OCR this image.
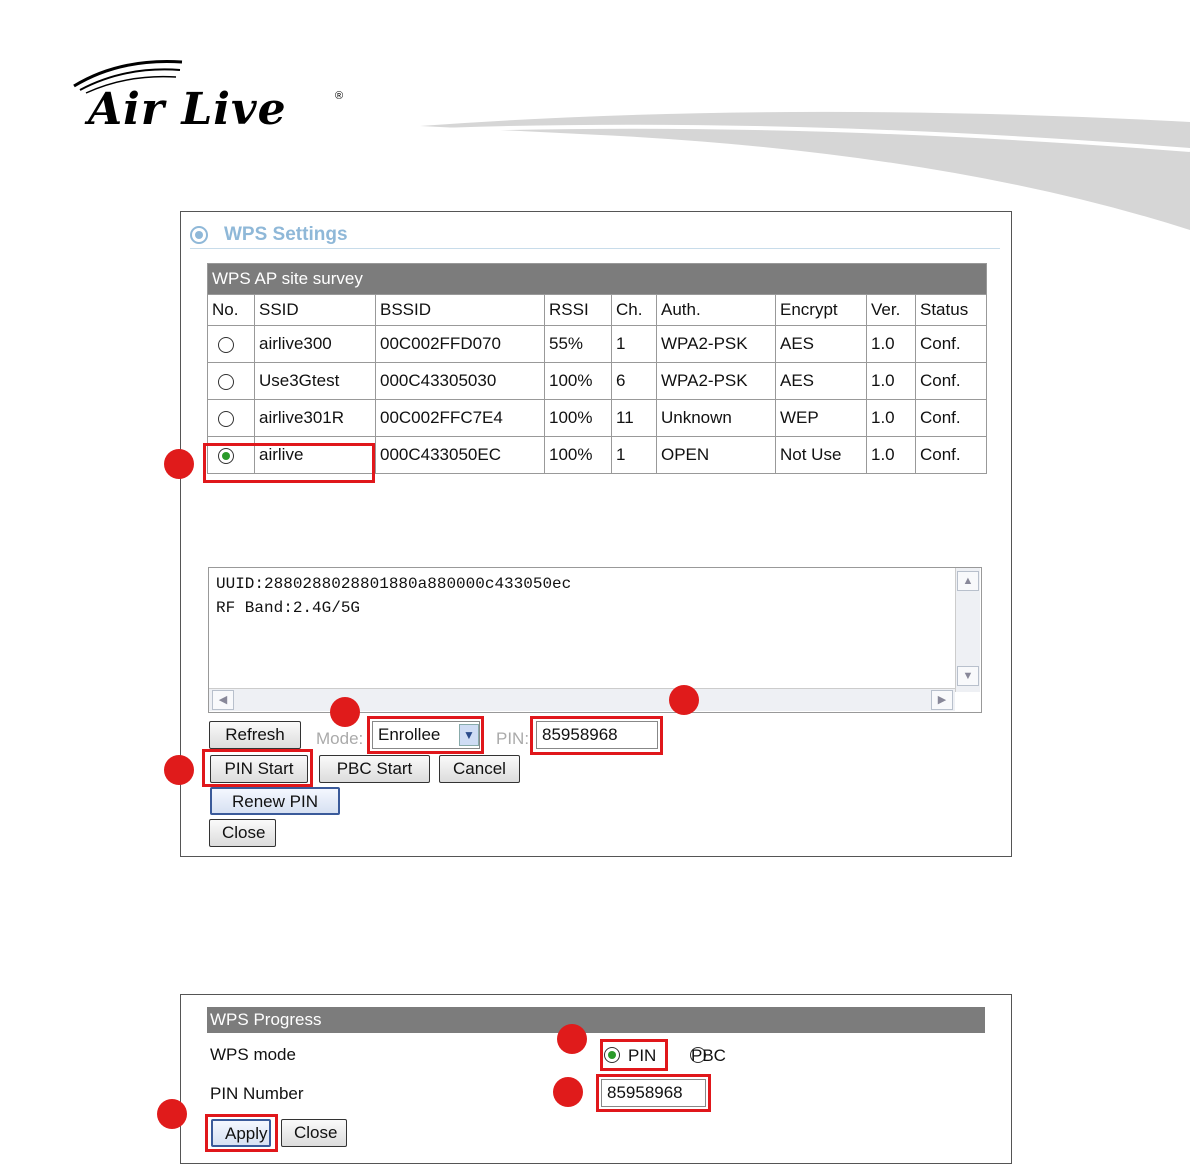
Air Live	®
WPS Settings
WPS AP site survey								
No.	SSID	BSSID	RSSI	Ch.	Auth.	Encrypt	Ver.	Status
	airlive300	00C002FFD070	55%	1	WPA2-PSK	AES	1.0	Conf.
	Use3Gtest	000C43305030	100%	6	WPA2-PSK	AES	1.0	Conf.
	airlive301R	00C002FFC7E4	100%	11	Unknown	WEP	1.0	Conf.
	airlive	000C433050EC	100%	1	OPEN	Not Use	1.0	Conf.
UUID:2880288028801880a880000c433050ec
RF Band:2.4G/5G
▲
▼
◀	▶
Refresh	Mode: Enrollee	▼ PIN: 85958968
PIN Start	PBC Start	Cancel
Renew PIN
Close
WPS Progress
WPS mode
	PIN PBC
PIN Number	85958968
Apply	Close
